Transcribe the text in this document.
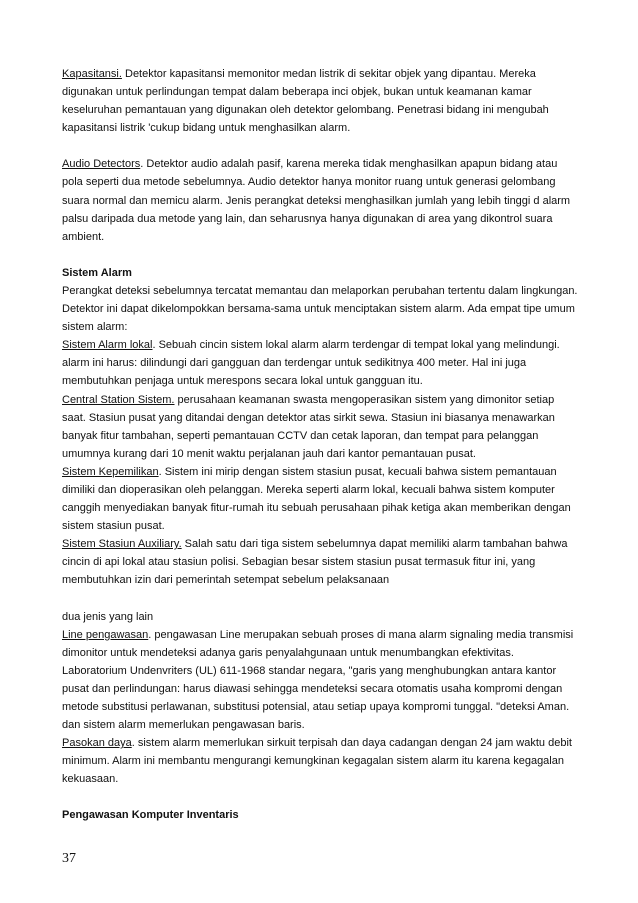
Kapasitansi. Detektor kapasitansi memonitor medan listrik di sekitar objek yang dipantau. Mereka digunakan untuk perlindungan tempat dalam beberapa inci objek, bukan untuk keamanan kamar keseluruhan pemantauan yang digunakan oleh detektor gelombang. Penetrasi bidang ini mengubah kapasitansi listrik 'cukup bidang untuk menghasilkan alarm.

Audio Detectors. Detektor audio adalah pasif, karena mereka tidak menghasilkan apapun bidang atau pola seperti dua metode sebelumnya. Audio detektor hanya monitor ruang untuk generasi gelombang suara normal dan memicu alarm. Jenis perangkat deteksi menghasilkan jumlah yang lebih tinggi d alarm palsu daripada dua metode yang lain, dan seharusnya hanya digunakan di area yang dikontrol suara ambient.

Sistem Alarm

Perangkat deteksi sebelumnya tercatat memantau dan melaporkan perubahan tertentu dalam lingkungan. Detektor ini dapat dikelompokkan bersama-sama untuk menciptakan sistem alarm. Ada empat tipe umum sistem alarm:

Sistem Alarm lokal. Sebuah cincin sistem lokal alarm alarm terdengar di tempat lokal yang melindungi. alarm ini harus: dilindungi dari gangguan dan terdengar untuk sedikitnya 400 meter. Hal ini juga membutuhkan penjaga untuk merespons secara lokal untuk gangguan itu.

Central Station Sistem. perusahaan keamanan swasta mengoperasikan sistem yang dimonitor setiap saat. Stasiun pusat yang ditandai dengan detektor atas sirkit sewa. Stasiun ini biasanya menawarkan banyak fitur tambahan, seperti pemantauan CCTV dan cetak laporan, dan tempat para pelanggan umumnya kurang dari 10 menit waktu perjalanan jauh dari kantor pemantauan pusat.

Sistem Kepemilikan. Sistem ini mirip dengan sistem stasiun pusat, kecuali bahwa sistem pemantauan dimiliki dan dioperasikan oleh pelanggan. Mereka seperti alarm lokal, kecuali bahwa sistem komputer canggih menyediakan banyak fitur-rumah itu sebuah perusahaan pihak ketiga akan memberikan dengan sistem stasiun pusat.

Sistem Stasiun Auxiliary. Salah satu dari tiga sistem sebelumnya dapat memiliki alarm tambahan bahwa cincin di api lokal atau stasiun polisi. Sebagian besar sistem stasiun pusat termasuk fitur ini, yang membutuhkan izin dari pemerintah setempat sebelum pelaksanaan

dua jenis yang lain

Line pengawasan. pengawasan Line merupakan sebuah proses di mana alarm signaling media transmisi dimonitor untuk mendeteksi adanya garis penyalahgunaan untuk menumbangkan efektivitas. Laboratorium Undenvriters (UL) 611-1968 standar negara, "garis yang menghubungkan antara kantor pusat dan perlindungan: harus diawasi sehingga mendeteksi secara otomatis usaha kompromi dengan metode substitusi perlawanan, substitusi potensial, atau setiap upaya kompromi tunggal. "deteksi Aman. dan sistem alarm memerlukan pengawasan baris.

Pasokan daya. sistem alarm memerlukan sirkuit terpisah dan daya cadangan dengan 24 jam waktu debit minimum. Alarm ini membantu mengurangi kemungkinan kegagalan sistem alarm itu karena kegagalan kekuasaan.

Pengawasan Komputer Inventaris
37
